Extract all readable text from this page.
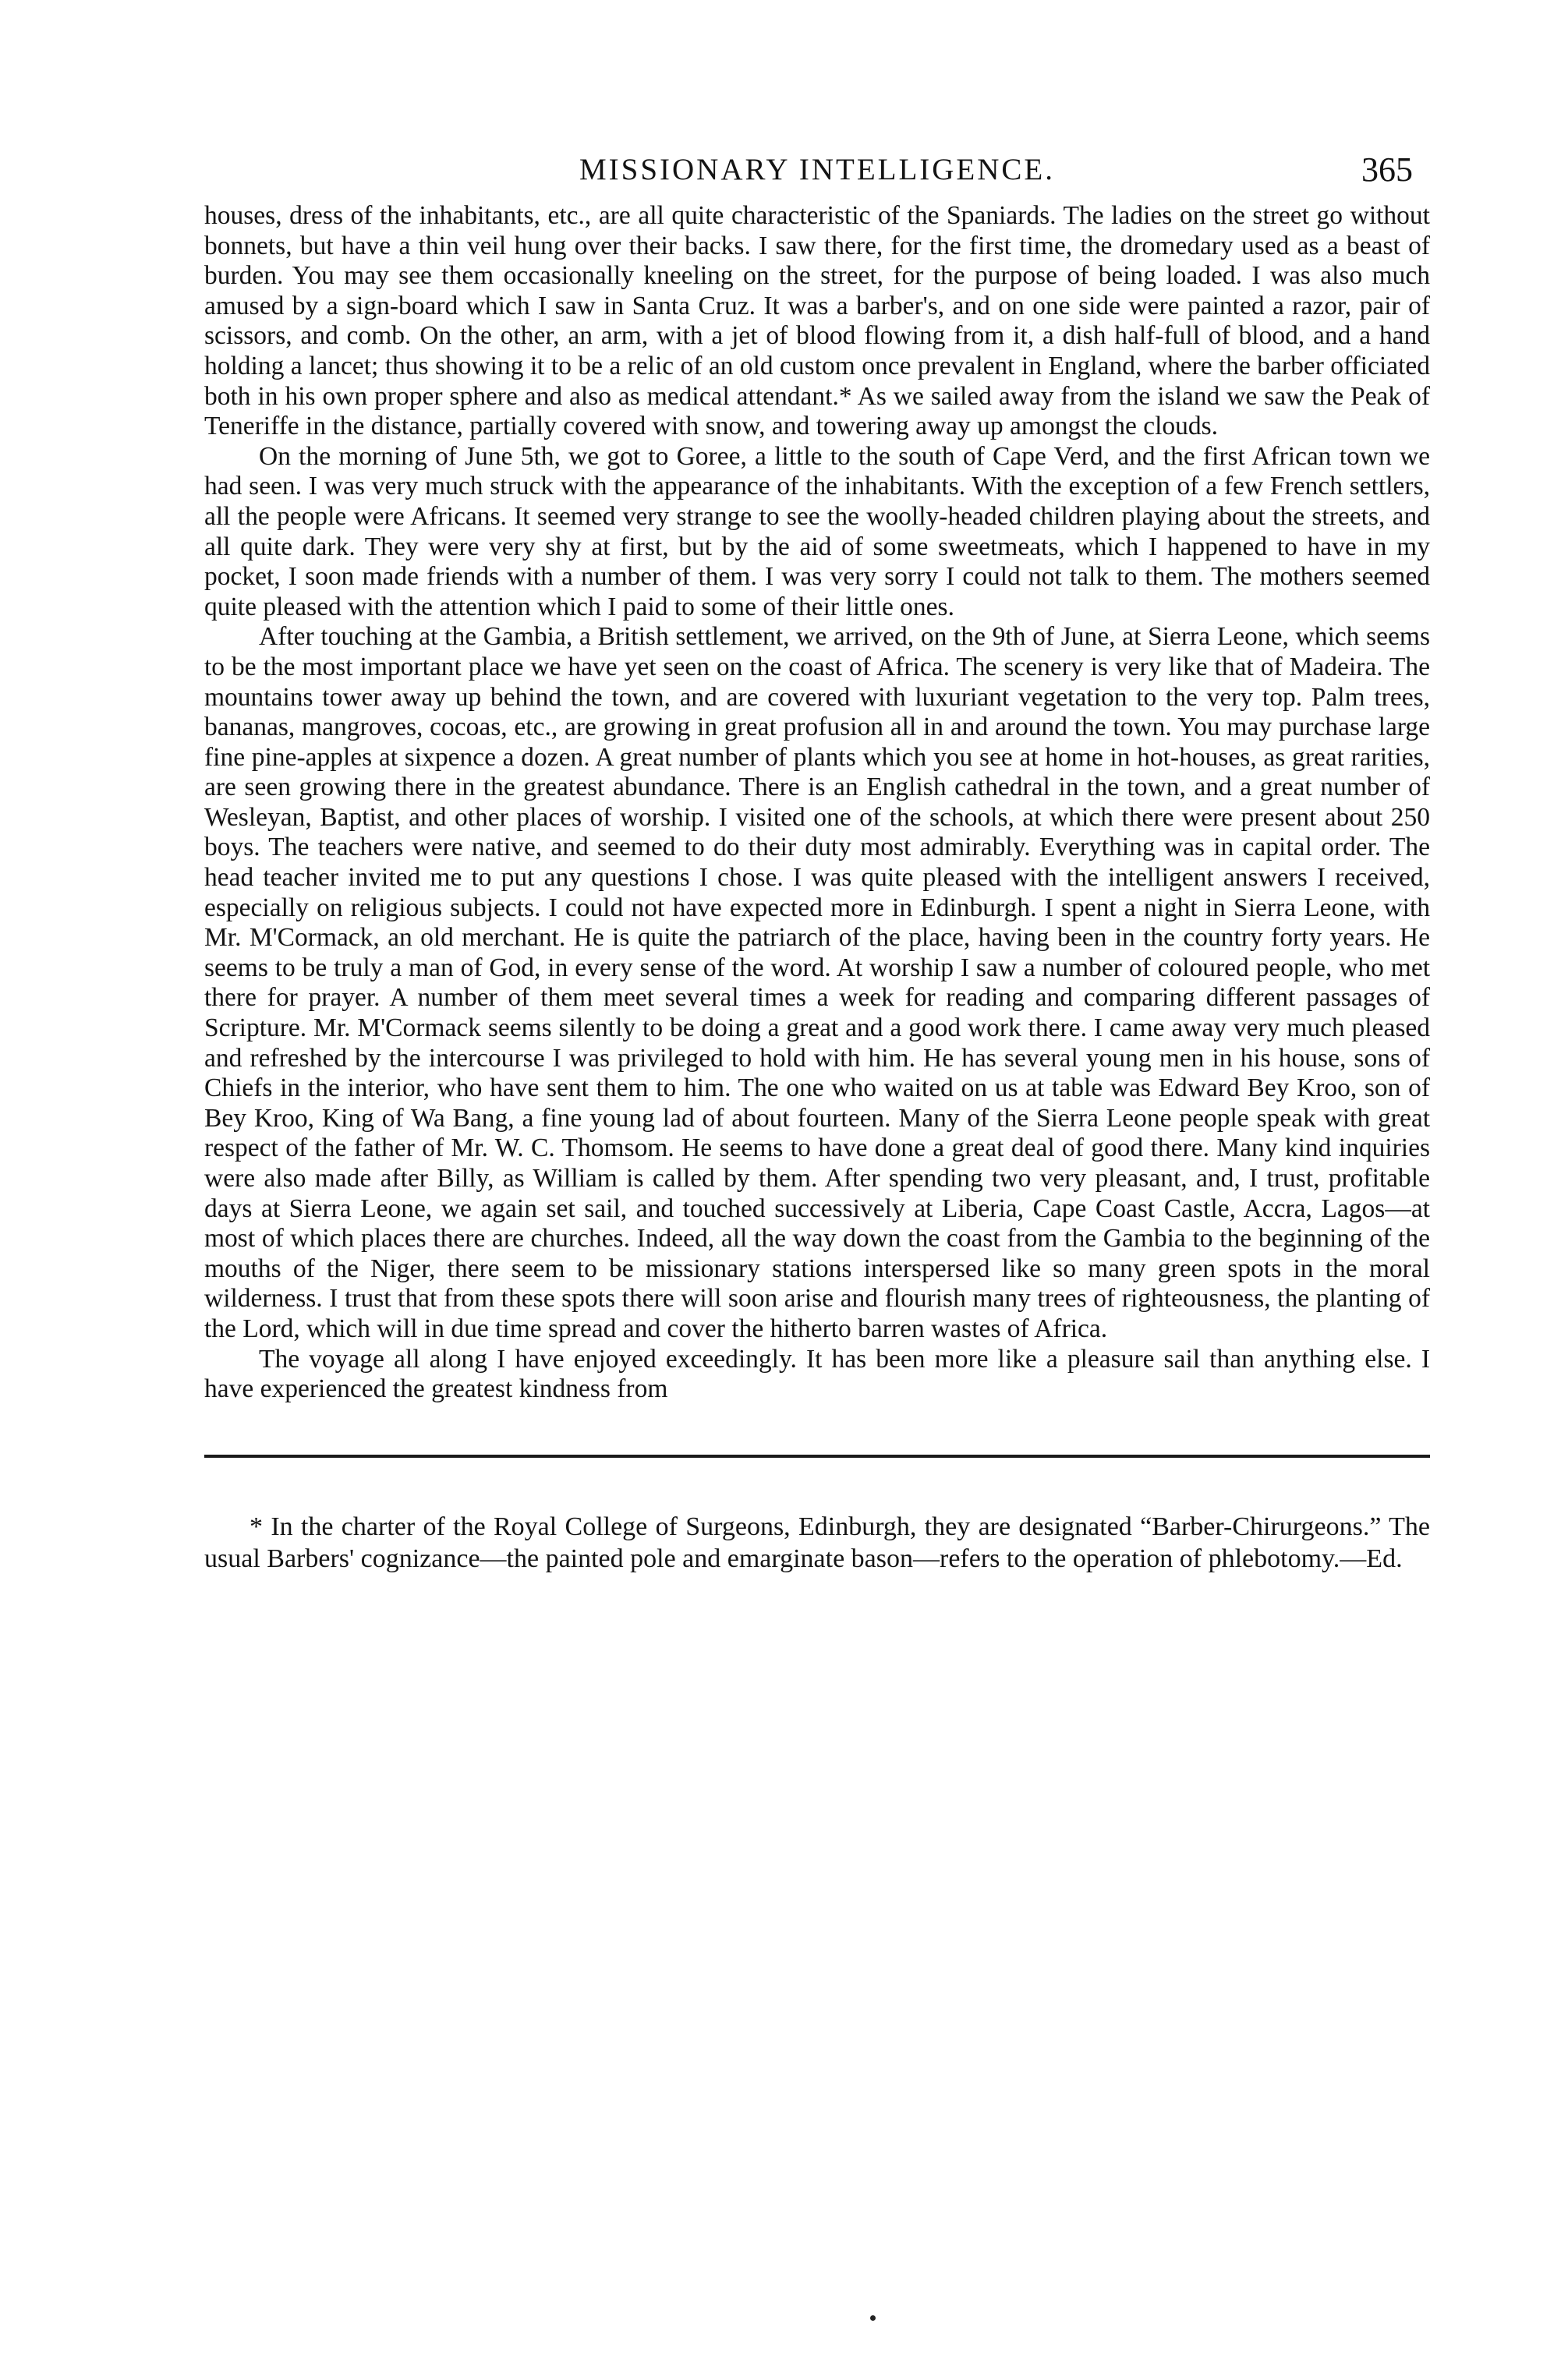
MISSIONARY INTELLIGENCE.	365

houses, dress of the inhabitants, etc., are all quite characteristic of the Spaniards. The ladies on the street go without bonnets, but have a thin veil hung over their backs. I saw there, for the first time, the dromedary used as a beast of burden. You may see them occasionally kneeling on the street, for the purpose of being loaded. I was also much amused by a sign-board which I saw in Santa Cruz. It was a barber's, and on one side were painted a razor, pair of scissors, and comb. On the other, an arm, with a jet of blood flowing from it, a dish half-full of blood, and a hand holding a lancet; thus showing it to be a relic of an old custom once prevalent in England, where the barber officiated both in his own proper sphere and also as medical attendant.* As we sailed away from the island we saw the Peak of Teneriffe in the distance, partially covered with snow, and towering away up amongst the clouds.

On the morning of June 5th, we got to Goree, a little to the south of Cape Verd, and the first African town we had seen. I was very much struck with the appearance of the inhabitants. With the exception of a few French settlers, all the people were Africans. It seemed very strange to see the woolly-headed children playing about the streets, and all quite dark. They were very shy at first, but by the aid of some sweetmeats, which I happened to have in my pocket, I soon made friends with a number of them. I was very sorry I could not talk to them. The mothers seemed quite pleased with the attention which I paid to some of their little ones.

After touching at the Gambia, a British settlement, we arrived, on the 9th of June, at Sierra Leone, which seems to be the most important place we have yet seen on the coast of Africa. The scenery is very like that of Madeira. The mountains tower away up behind the town, and are covered with luxuriant vegetation to the very top. Palm trees, bananas, mangroves, cocoas, etc., are growing in great profusion all in and around the town. You may purchase large fine pine-apples at sixpence a dozen. A great number of plants which you see at home in hot-houses, as great rarities, are seen growing there in the greatest abundance. There is an English cathedral in the town, and a great number of Wesleyan, Baptist, and other places of worship. I visited one of the schools, at which there were present about 250 boys. The teachers were native, and seemed to do their duty most admirably. Everything was in capital order. The head teacher invited me to put any questions I chose. I was quite pleased with the intelligent answers I received, especially on religious subjects. I could not have expected more in Edinburgh. I spent a night in Sierra Leone, with Mr. M'Cormack, an old merchant. He is quite the patriarch of the place, having been in the country forty years. He seems to be truly a man of God, in every sense of the word. At worship I saw a number of coloured people, who met there for prayer. A number of them meet several times a week for reading and comparing different passages of Scripture. Mr. M'Cormack seems silently to be doing a great and a good work there. I came away very much pleased and refreshed by the intercourse I was privileged to hold with him. He has several young men in his house, sons of Chiefs in the interior, who have sent them to him. The one who waited on us at table was Edward Bey Kroo, son of Bey Kroo, King of Wa Bang, a fine young lad of about fourteen. Many of the Sierra Leone people speak with great respect of the father of Mr. W. C. Thomsom. He seems to have done a great deal of good there. Many kind inquiries were also made after Billy, as William is called by them. After spending two very pleasant, and, I trust, profitable days at Sierra Leone, we again set sail, and touched successively at Liberia, Cape Coast Castle, Accra, Lagos—at most of which places there are churches. Indeed, all the way down the coast from the Gambia to the beginning of the mouths of the Niger, there seem to be missionary stations interspersed like so many green spots in the moral wilderness. I trust that from these spots there will soon arise and flourish many trees of righteousness, the planting of the Lord, which will in due time spread and cover the hitherto barren wastes of Africa.

The voyage all along I have enjoyed exceedingly. It has been more like a pleasure sail than anything else. I have experienced the greatest kindness from

* In the charter of the Royal College of Surgeons, Edinburgh, they are designated “Barber-Chirurgeons.” The usual Barbers' cognizance—the painted pole and emarginate bason—refers to the operation of phlebotomy.—Ed.
